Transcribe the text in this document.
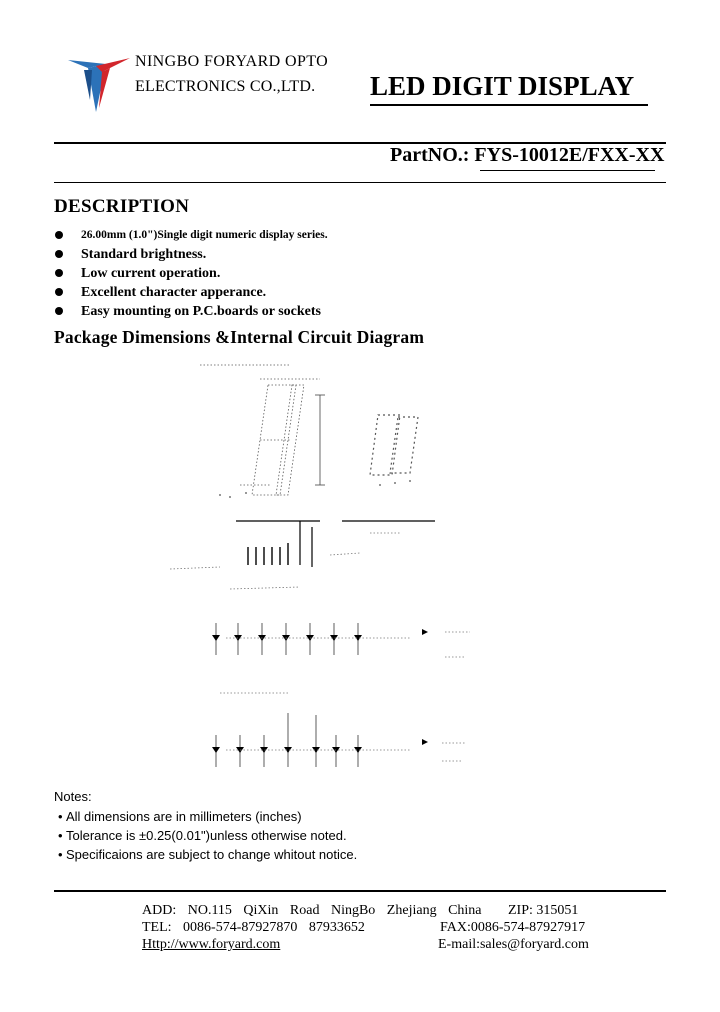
NINGBO FORYARD OPTO
ELECTRONICS CO.,LTD. LED DIGIT DISPLAY
PartNO.: FYS-10012E/FXX-XX
DESCRIPTION
26.00mm (1.0")Single digit numeric display series.
Standard brightness.
Low current operation.
Excellent character apperance.
Easy mounting on P.C.boards or sockets
Package Dimensions &Internal Circuit Diagram
Notes:
• All dimensions are in millimeters (inches)
• Tolerance is ±0.25(0.01")unless otherwise noted.
• Specificaions are subject to change whitout notice.
ADD: NO.115 QiXin Road NingBo Zhejiang China ZIP: 315051
TEL: 0086-574-87927870 87933652	FAX:0086-574-87927917
Http://www.foryard.com	E-mail:sales@foryard.com
